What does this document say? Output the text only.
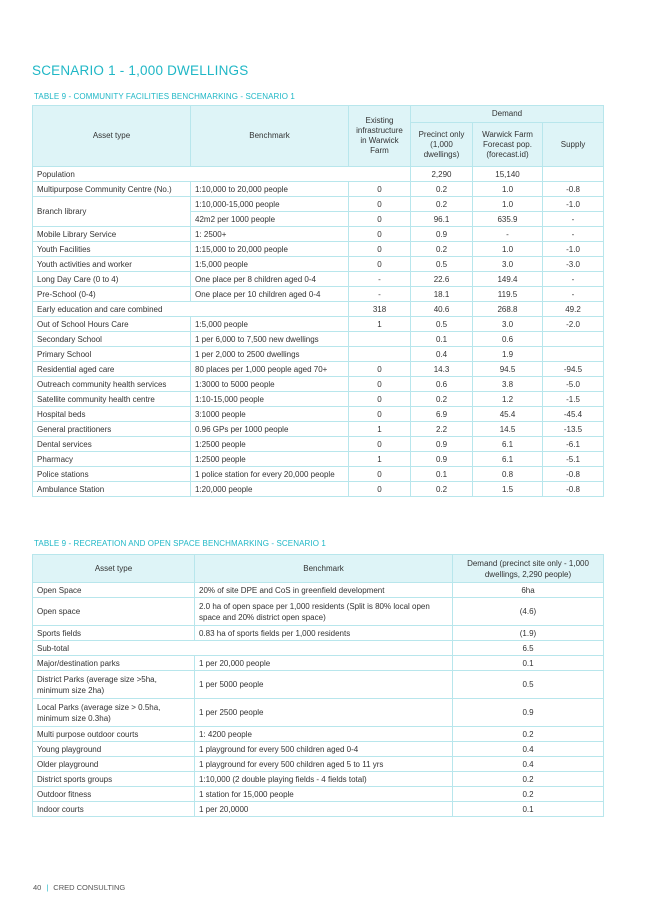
SCENARIO 1 - 1,000 DWELLINGS
TABLE 9 - COMMUNITY FACILITIES BENCHMARKING - SCENARIO 1
Asset type	Benchmark	Existing infrastructure in Warwick Farm	Demand		
			Precinct only (1,000 dwellings)	Warwick Farm Forecast pop. (forecast.id)	Supply
Population			2,290	15,140	
Multipurpose Community Centre (No.)	1:10,000 to 20,000 people	0	0.2	1.0	-0.8
Branch library	1:10,000-15,000 people	0	0.2	1.0	-1.0
	42m2 per 1000 people	0	96.1	635.9	-
Mobile Library Service	1: 2500+	0	0.9	-	-
Youth Facilities	1:15,000 to 20,000 people	0	0.2	1.0	-1.0
Youth activities and worker	1:5,000 people	0	0.5	3.0	-3.0
Long Day Care (0 to 4)	One place per 8 children aged 0-4	-	22.6	149.4	-
Pre-School (0-4)	One place per 10 children aged 0-4	-	18.1	119.5	-
Early education and care combined		318	40.6	268.8	49.2
Out of School Hours Care	1:5,000 people	1	0.5	3.0	-2.0
Secondary School	1 per 6,000 to 7,500 new dwellings		0.1	0.6	
Primary School	1 per 2,000 to 2500 dwellings		0.4	1.9	
Residential aged care	80 places per 1,000 people aged 70+	0	14.3	94.5	-94.5
Outreach community health services	1:3000 to 5000 people	0	0.6	3.8	-5.0
Satellite community health centre	1:10-15,000 people	0	0.2	1.2	-1.5
Hospital beds	3:1000 people	0	6.9	45.4	-45.4
General practitioners	0.96 GPs per 1000 people	1	2.2	14.5	-13.5
Dental services	1:2500 people	0	0.9	6.1	-6.1
Pharmacy	1:2500 people	1	0.9	6.1	-5.1
Police stations	1 police station for every 20,000 people	0	0.1	0.8	-0.8
Ambulance Station	1:20,000 people	0	0.2	1.5	-0.8
TABLE 9 - RECREATION AND OPEN SPACE BENCHMARKING - SCENARIO 1
Asset type	Benchmark	Demand (precinct site only - 1,000 dwellings, 2,290 people)
Open Space	20% of site DPE and CoS in greenfield development	6ha
Open space	2.0 ha of open space per 1,000 residents (Split is 80% local open space and 20% district open space)	(4.6)
Sports fields	0.83 ha of sports fields per 1,000 residents	(1.9)
Sub-total		6.5
Major/destination parks	1 per 20,000 people	0.1
District Parks (average size >5ha, minimum size 2ha)	1 per 5000 people	0.5
Local Parks (average size > 0.5ha, minimum size 0.3ha)	1 per 2500 people	0.9
Multi purpose outdoor courts	1: 4200 people	0.2
Young playground	1 playground for every 500 children aged 0-4	0.4
Older playground	1 playground for every 500 children aged 5 to 11 yrs	0.4
District sports groups	1:10,000 (2 double playing fields - 4 fields total)	0.2
Outdoor fitness	1 station for 15,000 people	0.2
Indoor courts	1 per 20,0000	0.1
40 | CRED CONSULTING
